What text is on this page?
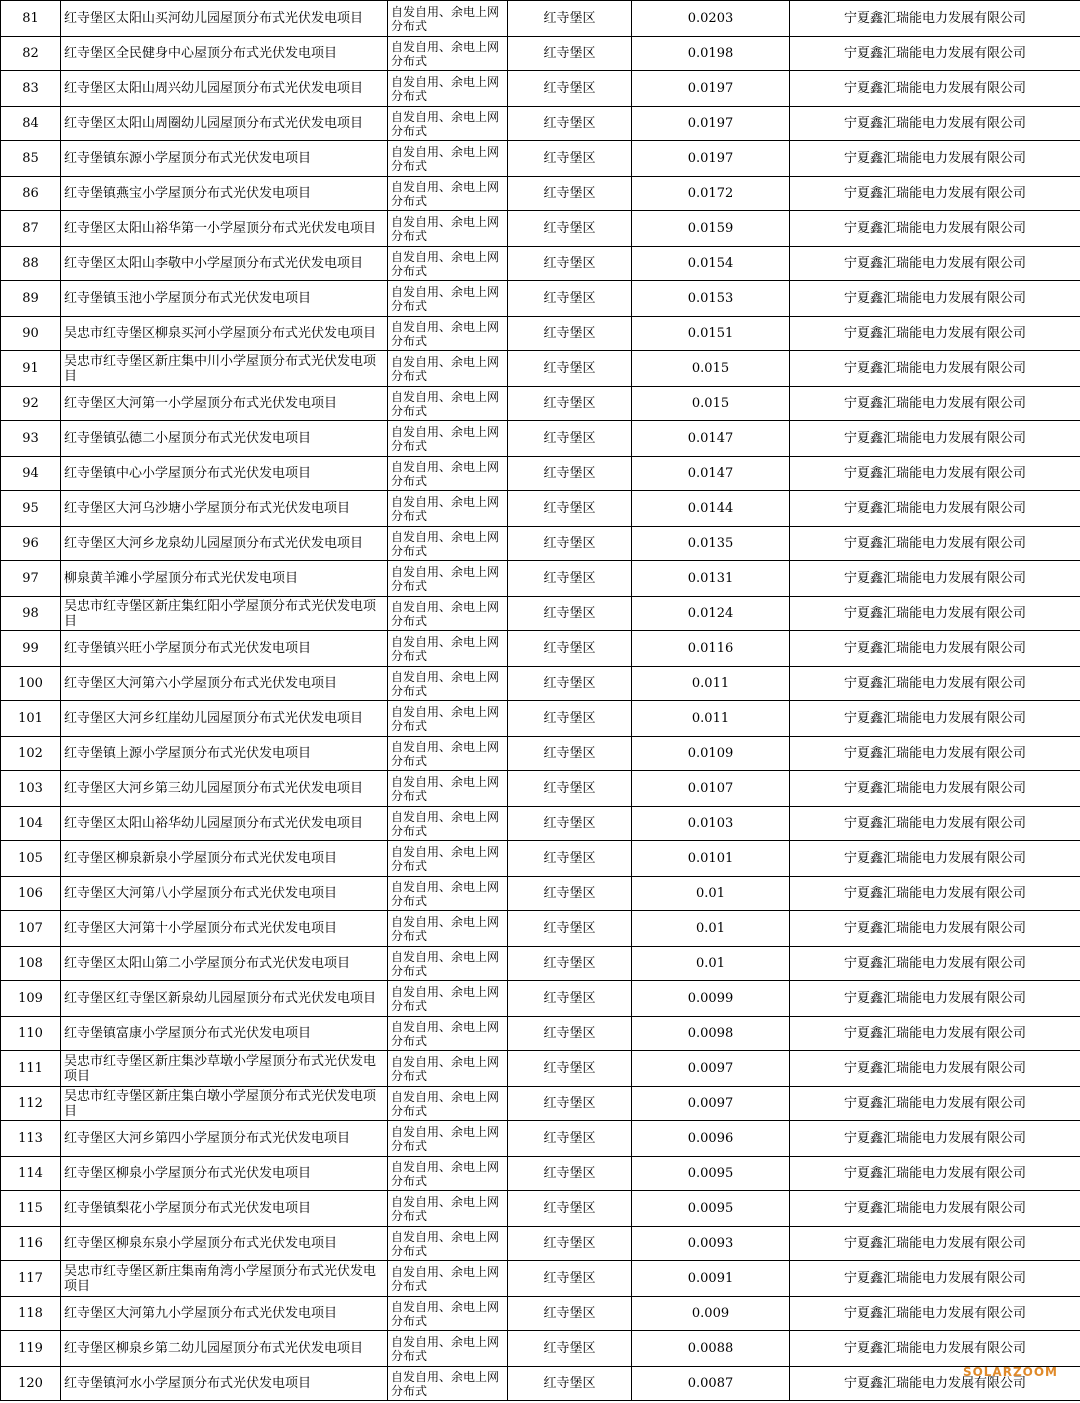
81	红寺堡区太阳山买河幼儿园屋顶分布式光伏发电项目	自发自用、余电上网分布式	红寺堡区	0.0203	宁夏鑫汇瑞能电力发展有限公司
82	红寺堡区全民健身中心屋顶分布式光伏发电项目	自发自用、余电上网分布式	红寺堡区	0.0198	宁夏鑫汇瑞能电力发展有限公司
83	红寺堡区太阳山周兴幼儿园屋顶分布式光伏发电项目	自发自用、余电上网分布式	红寺堡区	0.0197	宁夏鑫汇瑞能电力发展有限公司
84	红寺堡区太阳山周圈幼儿园屋顶分布式光伏发电项目	自发自用、余电上网分布式	红寺堡区	0.0197	宁夏鑫汇瑞能电力发展有限公司
85	红寺堡镇东源小学屋顶分布式光伏发电项目	自发自用、余电上网分布式	红寺堡区	0.0197	宁夏鑫汇瑞能电力发展有限公司
86	红寺堡镇燕宝小学屋顶分布式光伏发电项目	自发自用、余电上网分布式	红寺堡区	0.0172	宁夏鑫汇瑞能电力发展有限公司
87	红寺堡区太阳山裕华第一小学屋顶分布式光伏发电项目	自发自用、余电上网分布式	红寺堡区	0.0159	宁夏鑫汇瑞能电力发展有限公司
88	红寺堡区太阳山李敬中小学屋顶分布式光伏发电项目	自发自用、余电上网分布式	红寺堡区	0.0154	宁夏鑫汇瑞能电力发展有限公司
89	红寺堡镇玉池小学屋顶分布式光伏发电项目	自发自用、余电上网分布式	红寺堡区	0.0153	宁夏鑫汇瑞能电力发展有限公司
90	吴忠市红寺堡区柳泉买河小学屋顶分布式光伏发电项目	自发自用、余电上网分布式	红寺堡区	0.0151	宁夏鑫汇瑞能电力发展有限公司
91	吴忠市红寺堡区新庄集中川小学屋顶分布式光伏发电项目	自发自用、余电上网分布式	红寺堡区	0.015	宁夏鑫汇瑞能电力发展有限公司
92	红寺堡区大河第一小学屋顶分布式光伏发电项目	自发自用、余电上网分布式	红寺堡区	0.015	宁夏鑫汇瑞能电力发展有限公司
93	红寺堡镇弘德二小屋顶分布式光伏发电项目	自发自用、余电上网分布式	红寺堡区	0.0147	宁夏鑫汇瑞能电力发展有限公司
94	红寺堡镇中心小学屋顶分布式光伏发电项目	自发自用、余电上网分布式	红寺堡区	0.0147	宁夏鑫汇瑞能电力发展有限公司
95	红寺堡区大河乌沙塘小学屋顶分布式光伏发电项目	自发自用、余电上网分布式	红寺堡区	0.0144	宁夏鑫汇瑞能电力发展有限公司
96	红寺堡区大河乡龙泉幼儿园屋顶分布式光伏发电项目	自发自用、余电上网分布式	红寺堡区	0.0135	宁夏鑫汇瑞能电力发展有限公司
97	柳泉黄羊滩小学屋顶分布式光伏发电项目	自发自用、余电上网分布式	红寺堡区	0.0131	宁夏鑫汇瑞能电力发展有限公司
98	吴忠市红寺堡区新庄集红阳小学屋顶分布式光伏发电项目	自发自用、余电上网分布式	红寺堡区	0.0124	宁夏鑫汇瑞能电力发展有限公司
99	红寺堡镇兴旺小学屋顶分布式光伏发电项目	自发自用、余电上网分布式	红寺堡区	0.0116	宁夏鑫汇瑞能电力发展有限公司
100	红寺堡区大河第六小学屋顶分布式光伏发电项目	自发自用、余电上网分布式	红寺堡区	0.011	宁夏鑫汇瑞能电力发展有限公司
101	红寺堡区大河乡红崖幼儿园屋顶分布式光伏发电项目	自发自用、余电上网分布式	红寺堡区	0.011	宁夏鑫汇瑞能电力发展有限公司
102	红寺堡镇上源小学屋顶分布式光伏发电项目	自发自用、余电上网分布式	红寺堡区	0.0109	宁夏鑫汇瑞能电力发展有限公司
103	红寺堡区大河乡第三幼儿园屋顶分布式光伏发电项目	自发自用、余电上网分布式	红寺堡区	0.0107	宁夏鑫汇瑞能电力发展有限公司
104	红寺堡区太阳山裕华幼儿园屋顶分布式光伏发电项目	自发自用、余电上网分布式	红寺堡区	0.0103	宁夏鑫汇瑞能电力发展有限公司
105	红寺堡区柳泉新泉小学屋顶分布式光伏发电项目	自发自用、余电上网分布式	红寺堡区	0.0101	宁夏鑫汇瑞能电力发展有限公司
106	红寺堡区大河第八小学屋顶分布式光伏发电项目	自发自用、余电上网分布式	红寺堡区	0.01	宁夏鑫汇瑞能电力发展有限公司
107	红寺堡区大河第十小学屋顶分布式光伏发电项目	自发自用、余电上网分布式	红寺堡区	0.01	宁夏鑫汇瑞能电力发展有限公司
108	红寺堡区太阳山第二小学屋顶分布式光伏发电项目	自发自用、余电上网分布式	红寺堡区	0.01	宁夏鑫汇瑞能电力发展有限公司
109	红寺堡区红寺堡区新泉幼儿园屋顶分布式光伏发电项目	自发自用、余电上网分布式	红寺堡区	0.0099	宁夏鑫汇瑞能电力发展有限公司
110	红寺堡镇富康小学屋顶分布式光伏发电项目	自发自用、余电上网分布式	红寺堡区	0.0098	宁夏鑫汇瑞能电力发展有限公司
111	吴忠市红寺堡区新庄集沙草墩小学屋顶分布式光伏发电项目	自发自用、余电上网分布式	红寺堡区	0.0097	宁夏鑫汇瑞能电力发展有限公司
112	吴忠市红寺堡区新庄集白墩小学屋顶分布式光伏发电项目	自发自用、余电上网分布式	红寺堡区	0.0097	宁夏鑫汇瑞能电力发展有限公司
113	红寺堡区大河乡第四小学屋顶分布式光伏发电项目	自发自用、余电上网分布式	红寺堡区	0.0096	宁夏鑫汇瑞能电力发展有限公司
114	红寺堡区柳泉小学屋顶分布式光伏发电项目	自发自用、余电上网分布式	红寺堡区	0.0095	宁夏鑫汇瑞能电力发展有限公司
115	红寺堡镇梨花小学屋顶分布式光伏发电项目	自发自用、余电上网分布式	红寺堡区	0.0095	宁夏鑫汇瑞能电力发展有限公司
116	红寺堡区柳泉东泉小学屋顶分布式光伏发电项目	自发自用、余电上网分布式	红寺堡区	0.0093	宁夏鑫汇瑞能电力发展有限公司
117	吴忠市红寺堡区新庄集南角湾小学屋顶分布式光伏发电项目	自发自用、余电上网分布式	红寺堡区	0.0091	宁夏鑫汇瑞能电力发展有限公司
118	红寺堡区大河第九小学屋顶分布式光伏发电项目	自发自用、余电上网分布式	红寺堡区	0.009	宁夏鑫汇瑞能电力发展有限公司
119	红寺堡区柳泉乡第二幼儿园屋顶分布式光伏发电项目	自发自用、余电上网分布式	红寺堡区	0.0088	宁夏鑫汇瑞能电力发展有限公司
120	红寺堡镇河水小学屋顶分布式光伏发电项目	自发自用、余电上网分布式	红寺堡区	0.0087	宁夏鑫汇瑞能电力发展有限公司
SOLARZOOM
